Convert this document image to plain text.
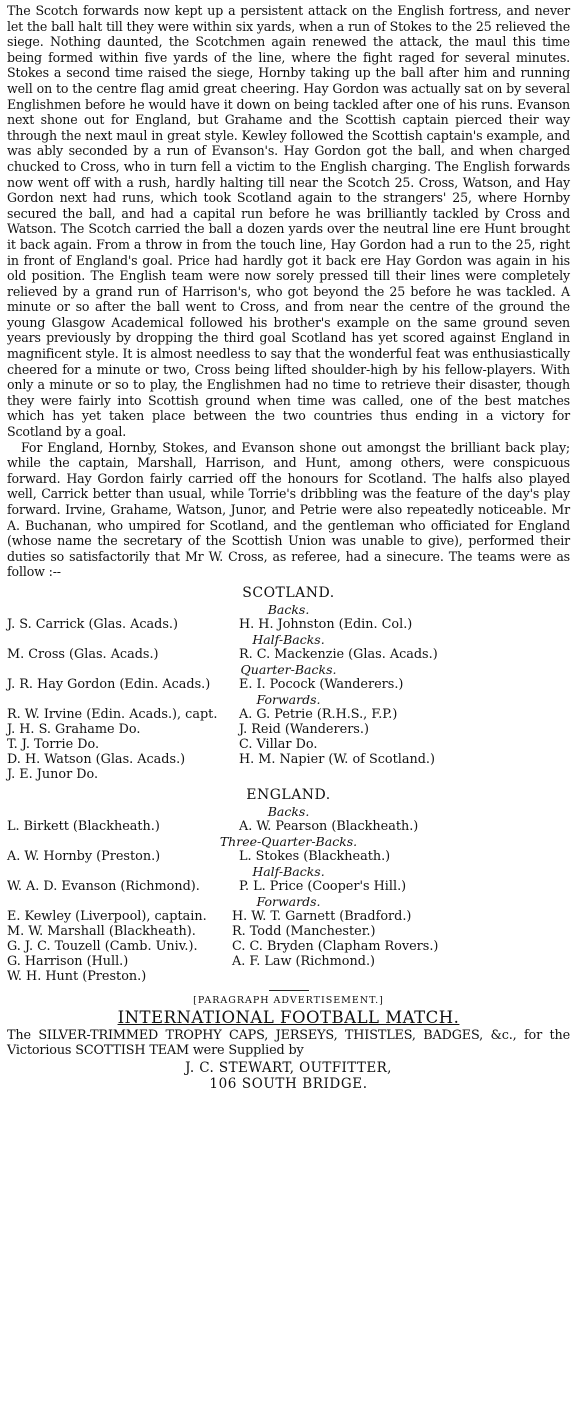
The Scotch forwards now kept up a persistent attack on the English fortress, and never let the ball halt till they were within six yards, when a run of Stokes to the 25 relieved the siege. Nothing daunted, the Scotchmen again renewed the attack, the maul this time being formed within five yards of the line, where the fight raged for several minutes. Stokes a second time raised the siege, Hornby taking up the ball after him and running well on to the centre flag amid great cheering. Hay Gordon was actually sat on by several Englishmen before he would have it down on being tackled after one of his runs. Evanson next shone out for England, but Grahame and the Scottish captain pierced their way through the next maul in great style. Kewley followed the Scottish captain's example, and was ably seconded by a run of Evanson's. Hay Gordon got the ball, and when charged chucked to Cross, who in turn fell a victim to the English charging. The English forwards now went off with a rush, hardly halting till near the Scotch 25. Cross, Watson, and Hay Gordon next had runs, which took Scotland again to the strangers' 25, where Hornby secured the ball, and had a capital run before he was brilliantly tackled by Cross and Watson. The Scotch carried the ball a dozen yards over the neutral line ere Hunt brought it back again. From a throw in from the touch line, Hay Gordon had a run to the 25, right in front of England's goal. Price had hardly got it back ere Hay Gordon was again in his old position. The English team were now sorely pressed till their lines were completely relieved by a grand run of Harrison's, who got beyond the 25 before he was tackled. A minute or so after the ball went to Cross, and from near the centre of the ground the young Glasgow Academical followed his brother's example on the same ground seven years previously by dropping the third goal Scotland has yet scored against England in magnificent style. It is almost needless to say that the wonderful feat was enthusiastically cheered for a minute or two, Cross being lifted shoulder-high by his fellow-players. With only a minute or so to play, the Englishmen had no time to retrieve their disaster, though they were fairly into Scottish ground when time was called, one of the best matches which has yet taken place between the two countries thus ending in a victory for Scotland by a goal.

For England, Hornby, Stokes, and Evanson shone out amongst the brilliant back play; while the captain, Marshall, Harrison, and Hunt, among others, were conspicuous forward. Hay Gordon fairly carried off the honours for Scotland. The halfs also played well, Carrick better than usual, while Torrie's dribbling was the feature of the day's play forward. Irvine, Grahame, Watson, Junor, and Petrie were also repeatedly noticeable. Mr A. Buchanan, who umpired for Scotland, and the gentleman who officiated for England (whose name the secretary of the Scottish Union was unable to give), performed their duties so satisfactorily that Mr W. Cross, as referee, had a sinecure. The teams were as follow :--

SCOTLAND.
Backs.
J. S. Carrick (Glas. Acads.)	H. H. Johnston (Edin. Col.)
Half-Backs.
M. Cross (Glas. Acads.)	R. C. Mackenzie (Glas. Acads.)
Quarter-Backs.
J. R. Hay Gordon (Edin. Acads.)	E. I. Pocock (Wanderers.)
Forwards.
R. W. Irvine (Edin. Acads.), capt.	A. G. Petrie (R.H.S., F.P.)
J. H. S. Grahame Do.	J. Reid (Wanderers.)
T. J. Torrie Do.	C. Villar Do.
D. H. Watson (Glas. Acads.)	H. M. Napier (W. of Scotland.)
J. E. Junor Do.
ENGLAND.
Backs.
L. Birkett (Blackheath.)	A. W. Pearson (Blackheath.)
Three-Quarter-Backs.
A. W. Hornby (Preston.)	L. Stokes (Blackheath.)
Half-Backs.
W. A. D. Evanson (Richmond).	P. L. Price (Cooper's Hill.)
Forwards.
E. Kewley (Liverpool), captain.	H. W. T. Garnett (Bradford.)
M. W. Marshall (Blackheath).	R. Todd (Manchester.)
G. J. C. Touzell (Camb. Univ.).	C. C. Bryden (Clapham Rovers.)
G. Harrison (Hull.)	A. F. Law (Richmond.)
W. H. Hunt (Preston.)
[PARAGRAPH ADVERTISEMENT.]
INTERNATIONAL FOOTBALL MATCH.

The SILVER-TRIMMED TROPHY CAPS, JERSEYS, THISTLES, BADGES, &c., for the Victorious SCOTTISH TEAM were Supplied by

J. C. STEWART, OUTFITTER,
106 SOUTH BRIDGE.
